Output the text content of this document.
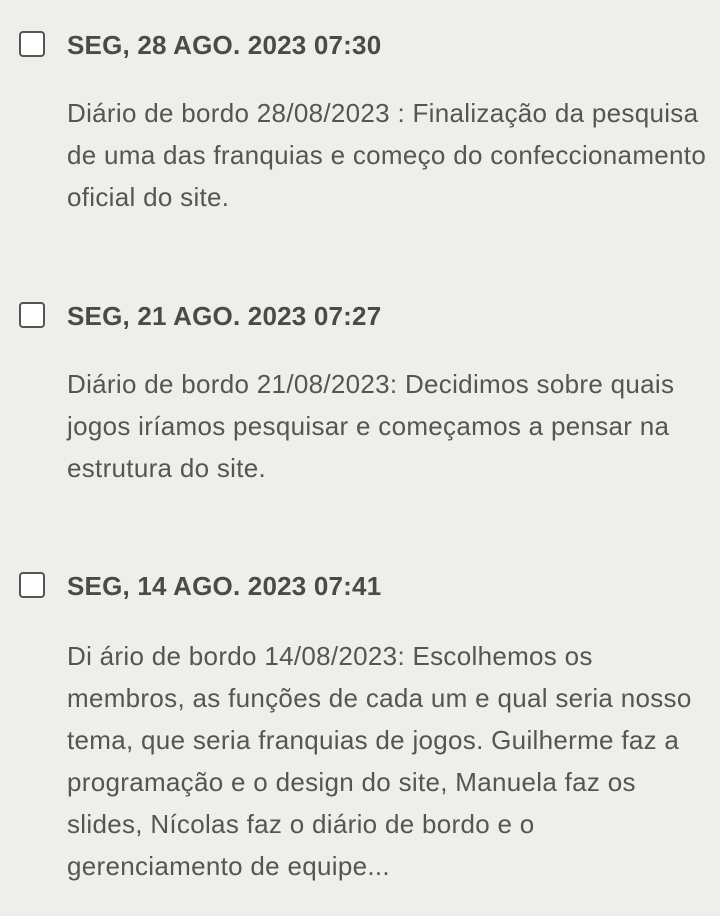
SEG, 28 AGO. 2023 07:30
Diário de bordo 28/08/2023 : Finalização da pesquisa de uma das franquias e começo do confeccionamento oficial do site.
SEG, 21 AGO. 2023 07:27
Diário de bordo 21/08/2023: Decidimos sobre quais jogos iríamos pesquisar e começamos a pensar na estrutura do site.
SEG, 14 AGO. 2023 07:41
Di ário de bordo 14/08/2023: Escolhemos os membros, as funções de cada um e qual seria nosso tema, que seria franquias de jogos. Guilherme faz a programação e o design do site, Manuela faz os slides, Nícolas faz o diário de bordo e o gerenciamento de equipe...
